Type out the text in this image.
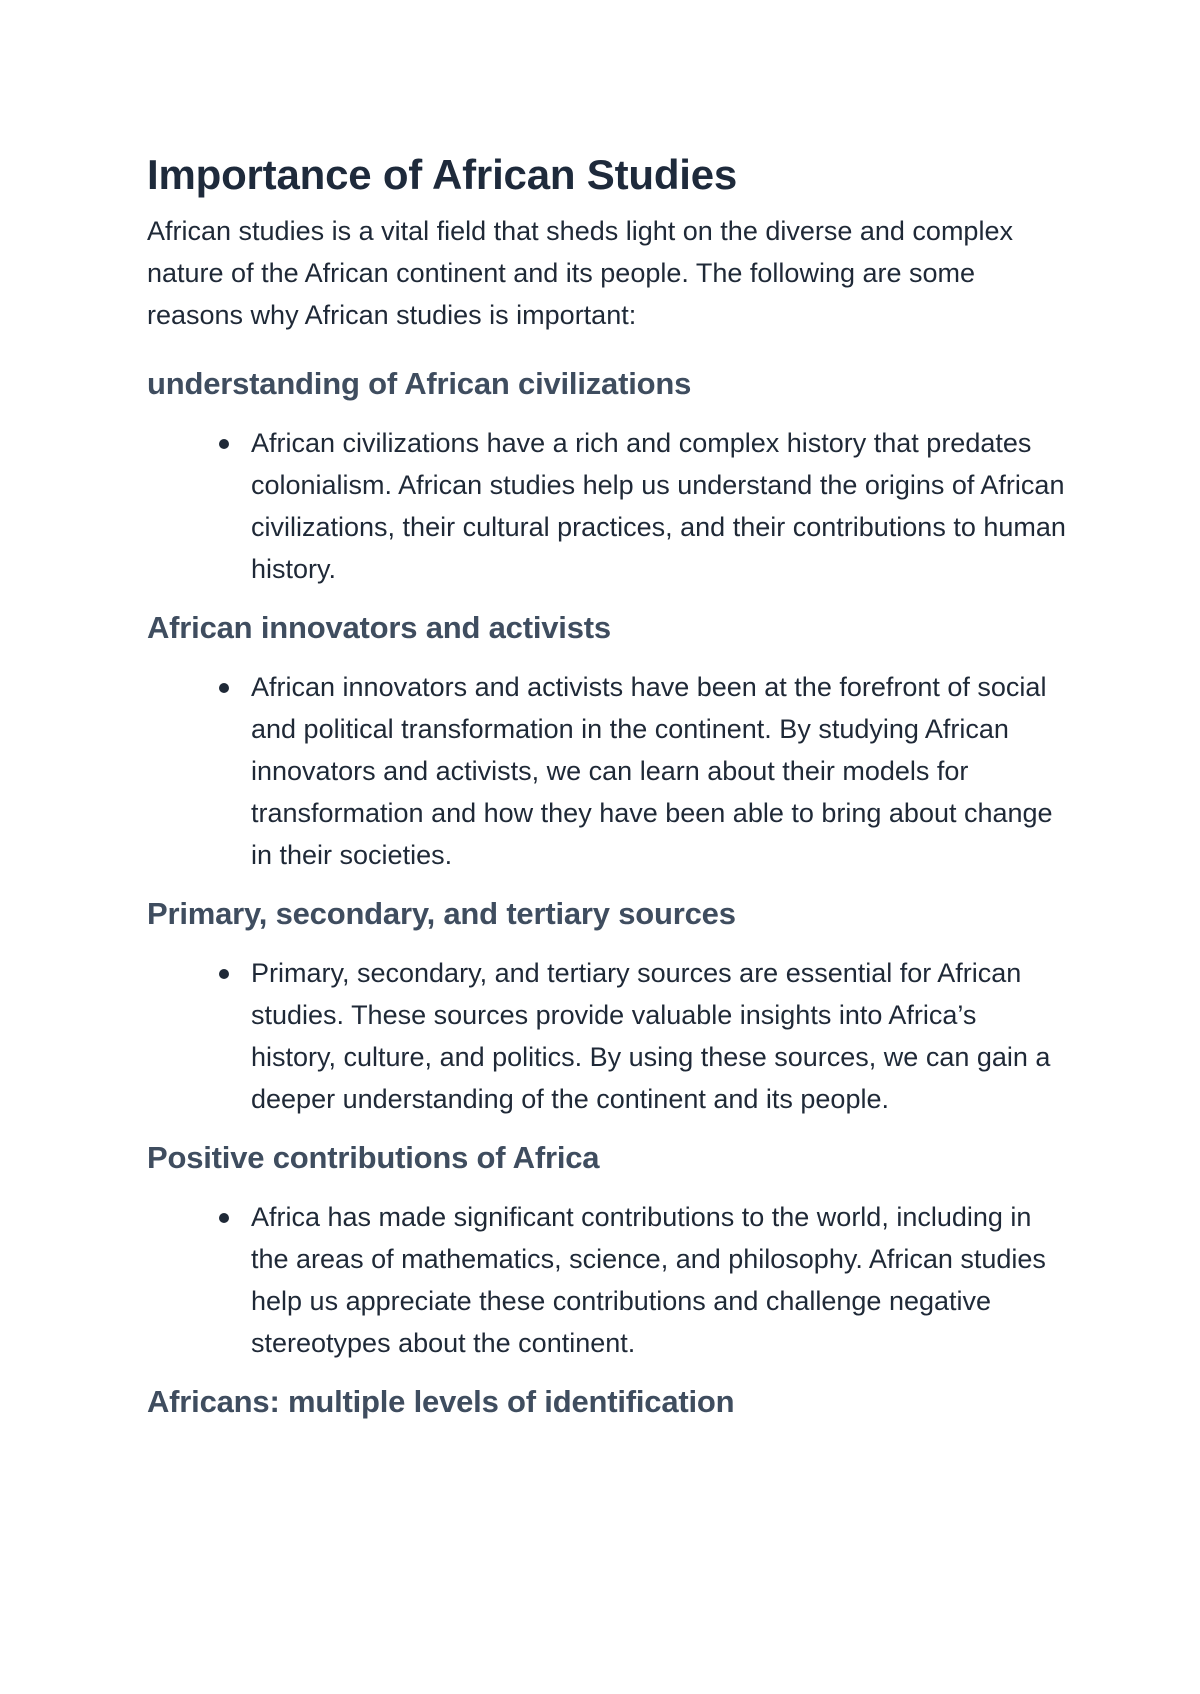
Importance of African Studies

African studies is a vital field that sheds light on the diverse and complex nature of the African continent and its people. The following are some reasons why African studies is important:

understanding of African civilizations
African civilizations have a rich and complex history that predates colonialism. African studies help us understand the origins of African civilizations, their cultural practices, and their contributions to human history.
African innovators and activists
African innovators and activists have been at the forefront of social and political transformation in the continent. By studying African innovators and activists, we can learn about their models for transformation and how they have been able to bring about change in their societies.
Primary, secondary, and tertiary sources
Primary, secondary, and tertiary sources are essential for African studies. These sources provide valuable insights into Africa’s history, culture, and politics. By using these sources, we can gain a deeper understanding of the continent and its people.
Positive contributions of Africa
Africa has made significant contributions to the world, including in the areas of mathematics, science, and philosophy. African studies help us appreciate these contributions and challenge negative stereotypes about the continent.
Africans: multiple levels of identification
